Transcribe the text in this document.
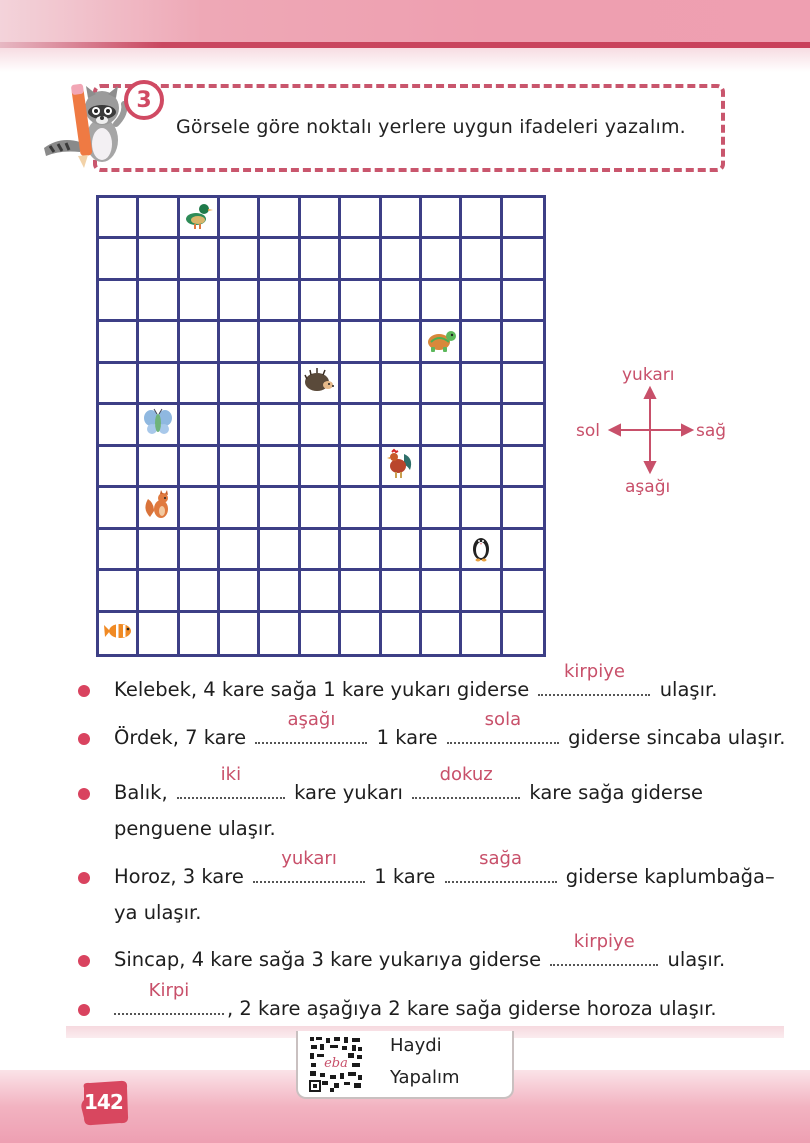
3
Görsele göre noktalı yerlere uygun ifadeleri yazalım.
yukarı
sol	sağ
aşağı
Kelebek, 4 kare sağa 1 kare yukarı giderse
kirpiye
ulaşır.
Ördek, 7 kare
aşağı
1 kare
sola
giderse sincaba ulaşır.
Balık,
iki
kare yukarı
dokuz
kare sağa giderse
penguene ulaşır.
Horoz, 3 kare
yukarı
1 kare
sağa
giderse kaplumbağa–
ya ulaşır.
Sincap, 4 kare sağa 3 kare yukarıya giderse
kirpiye
ulaşır.
Kirpi
, 2 kare aşağıya 2 kare sağa giderse horoza ulaşır.
eba
Haydi
Yapalım
142
